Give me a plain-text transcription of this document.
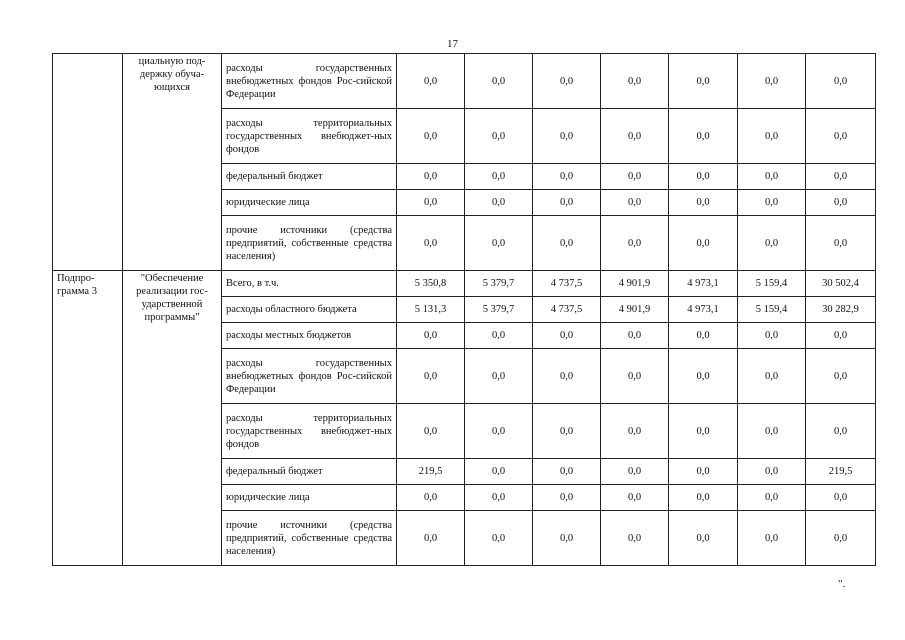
17
	циальную под-держку обуча-ющихся	расходы государственных внебюджетных фондов Рос-сийской Федерации	0,0	0,0	0,0	0,0	0,0	0,0	0,0
		расходы территориальных государственных внебюджет-ных фондов	0,0	0,0	0,0	0,0	0,0	0,0	0,0
		федеральный бюджет	0,0	0,0	0,0	0,0	0,0	0,0	0,0
		юридические лица	0,0	0,0	0,0	0,0	0,0	0,0	0,0
		прочие источники (средства предприятий, собственные средства населения)	0,0	0,0	0,0	0,0	0,0	0,0	0,0
Подпро-грамма 3	"Обеспечение реализации гос-ударственной программы"	Всего, в т.ч.	5 350,8	5 379,7	4 737,5	4 901,9	4 973,1	5 159,4	30 502,4
		расходы областного бюджета	5 131,3	5 379,7	4 737,5	4 901,9	4 973,1	5 159,4	30 282,9
		расходы местных бюджетов	0,0	0,0	0,0	0,0	0,0	0,0	0,0
		расходы государственных внебюджетных фондов Рос-сийской Федерации	0,0	0,0	0,0	0,0	0,0	0,0	0,0
		расходы территориальных государственных внебюджет-ных фондов	0,0	0,0	0,0	0,0	0,0	0,0	0,0
		федеральный бюджет	219,5	0,0	0,0	0,0	0,0	0,0	219,5
		юридические лица	0,0	0,0	0,0	0,0	0,0	0,0	0,0
		прочие источники (средства предприятий, собственные средства населения)	0,0	0,0	0,0	0,0	0,0	0,0	0,0
".
